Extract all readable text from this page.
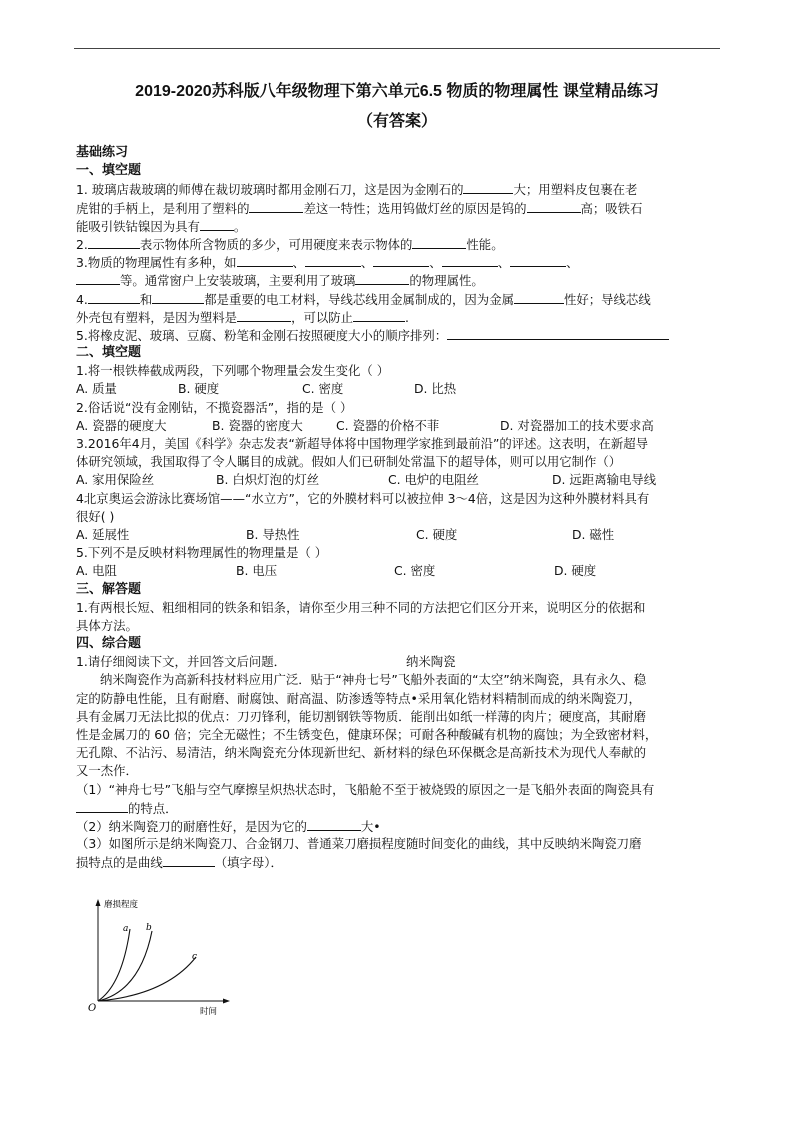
2019-2020苏科版八年级物理下第六单元6.5 物质的物理属性 课堂精品练习
（有答案）
基础练习
一、填空题
1. 玻璃店裁玻璃的师傅在裁切玻璃时都用金刚石刀，这是因为金刚石的	大；用塑料皮包裹在老
虎钳的手柄上，是利用了塑料的	差这一特性；选用钨做灯丝的原因是钨的	高；吸铁石
能吸引铁钴镍因为具有	。
2.	表示物体所含物质的多少，可用硬度来表示物体的	性能。
3.物质的物理属性有多种，如	、	、	、	、	、
等。通常窗户上安装玻璃，主要利用了玻璃	的物理属性。
4.	和	都是重要的电工材料，导线芯线用金属制成的，因为金属	性好；导线芯线
外壳包有塑料，是因为塑料是	，可以防止	.
5.将橡皮泥、玻璃、豆腐、粉笔和金刚石按照硬度大小的顺序排列：
二、填空题
1.将一根铁棒截成两段，下列哪个物理量会发生变化（ ）
A. 质量	B. 硬度	C. 密度	D. 比热
2.俗话说“没有金刚钻，不揽瓷器活”，指的是（ ）
A. 瓷器的硬度大	B. 瓷器的密度大	C. 瓷器的价格不菲	D. 对瓷器加工的技术要求高
3.2016年4月，美国《科学》杂志发表“新超导体将中国物理学家推到最前沿”的评述。这表明，在新超导
体研究领域，我国取得了令人瞩目的成就。假如人们已研制处常温下的超导体，则可以用它制作（）
A. 家用保险丝	B. 白炽灯泡的灯丝	C. 电炉的电阻丝	D. 远距离输电导线
4北京奥运会游泳比赛场馆——“水立方”，它的外膜材料可以被拉伸 3～4倍，这是因为这种外膜材料具有
很好( )
A. 延展性	B. 导热性	C. 硬度	D. 磁性
5.下列不是反映材料物理属性的物理量是（ ）
A. 电阻	B. 电压	C. 密度	D. 硬度
三、解答题
1.有两根长短、粗细相同的铁条和铝条，请你至少用三种不同的方法把它们区分开来，说明区分的依据和
具体方法。
四、综合题
1.请仔细阅读下文，并回答文后问题．	纳米陶瓷
纳米陶瓷作为高新科技材料应用广泛．贴于“神舟七号”飞船外表面的“太空”纳米陶瓷，具有永久、稳
定的防静电性能，且有耐磨、耐腐蚀、耐高温、防渗透等特点•采用氧化锆材料精制而成的纳米陶瓷刀，
具有金属刀无法比拟的优点：刀刃锋利，能切割钢铁等物质．能削出如纸一样薄的肉片；硬度高，其耐磨
性是金属刀的 60 倍；完全无磁性；不生锈变色，健康环保；可耐各种酸碱有机物的腐蚀；为全致密材料，
无孔隙、不沾污、易清洁，纳米陶瓷充分体现新世纪、新材料的绿色环保概念是高新技术为现代人奉献的
又一杰作．
（1）“神舟七号”飞船与空气摩擦呈炽热状态时，飞船舱不至于被烧毁的原因之一是飞船外表面的陶瓷具有
的特点．
（2）纳米陶瓷刀的耐磨性好，是因为它的	大•
（3）如图所示是纳米陶瓷刀、合金钢刀、普通菜刀磨损程度随时间变化的曲线，其中反映纳米陶瓷刀磨
损特点的是曲线	（填字母）．
磨损程度
时间
O
a b
c
